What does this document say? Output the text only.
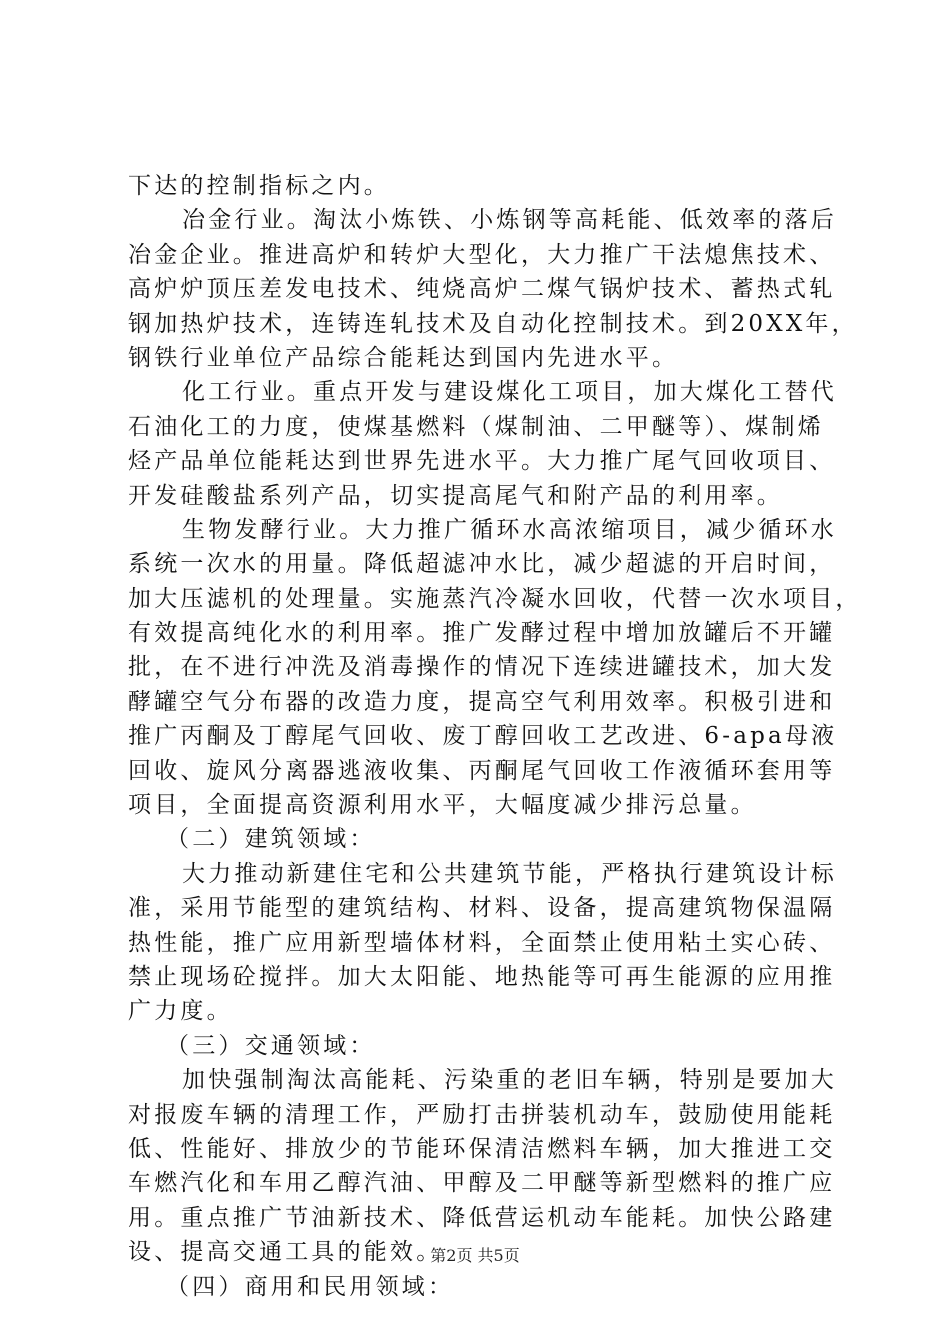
下达的控制指标之内。
冶金行业。淘汰小炼铁、小炼钢等高耗能、低效率的落后
冶金企业。推进高炉和转炉大型化，大力推广干法熄焦技术、
高炉炉顶压差发电技术、纯烧高炉二煤气锅炉技术、蓄热式轧
钢加热炉技术，连铸连轧技术及自动化控制技术。到20XX年，
钢铁行业单位产品综合能耗达到国内先进水平。
化工行业。重点开发与建设煤化工项目，加大煤化工替代
石油化工的力度，使煤基燃料（煤制油、二甲醚等）、煤制烯
烃产品单位能耗达到世界先进水平。大力推广尾气回收项目、
开发硅酸盐系列产品，切实提高尾气和附产品的利用率。
生物发酵行业。大力推广循环水高浓缩项目，减少循环水
系统一次水的用量。降低超滤冲水比，减少超滤的开启时间，
加大压滤机的处理量。实施蒸汽冷凝水回收，代替一次水项目，
有效提高纯化水的利用率。推广发酵过程中增加放罐后不开罐
批，在不进行冲洗及消毒操作的情况下连续进罐技术，加大发
酵罐空气分布器的改造力度，提高空气利用效率。积极引进和
推广丙酮及丁醇尾气回收、废丁醇回收工艺改进、6-apa母液
回收、旋风分离器逃液收集、丙酮尾气回收工作液循环套用等
项目，全面提高资源利用水平，大幅度减少排污总量。
（二）建筑领域：
大力推动新建住宅和公共建筑节能，严格执行建筑设计标
准，采用节能型的建筑结构、材料、设备，提高建筑物保温隔
热性能，推广应用新型墙体材料，全面禁止使用粘土实心砖、
禁止现场砼搅拌。加大太阳能、地热能等可再生能源的应用推
广力度。
（三）交通领域：
加快强制淘汰高能耗、污染重的老旧车辆，特别是要加大
对报废车辆的清理工作，严励打击拼装机动车，鼓励使用能耗
低、性能好、排放少的节能环保清洁燃料车辆，加大推进工交
车燃汽化和车用乙醇汽油、甲醇及二甲醚等新型燃料的推广应
用。重点推广节油新技术、降低营运机动车能耗。加快公路建
设、提高交通工具的能效。
（四）商用和民用领域：
第2页 共5页
